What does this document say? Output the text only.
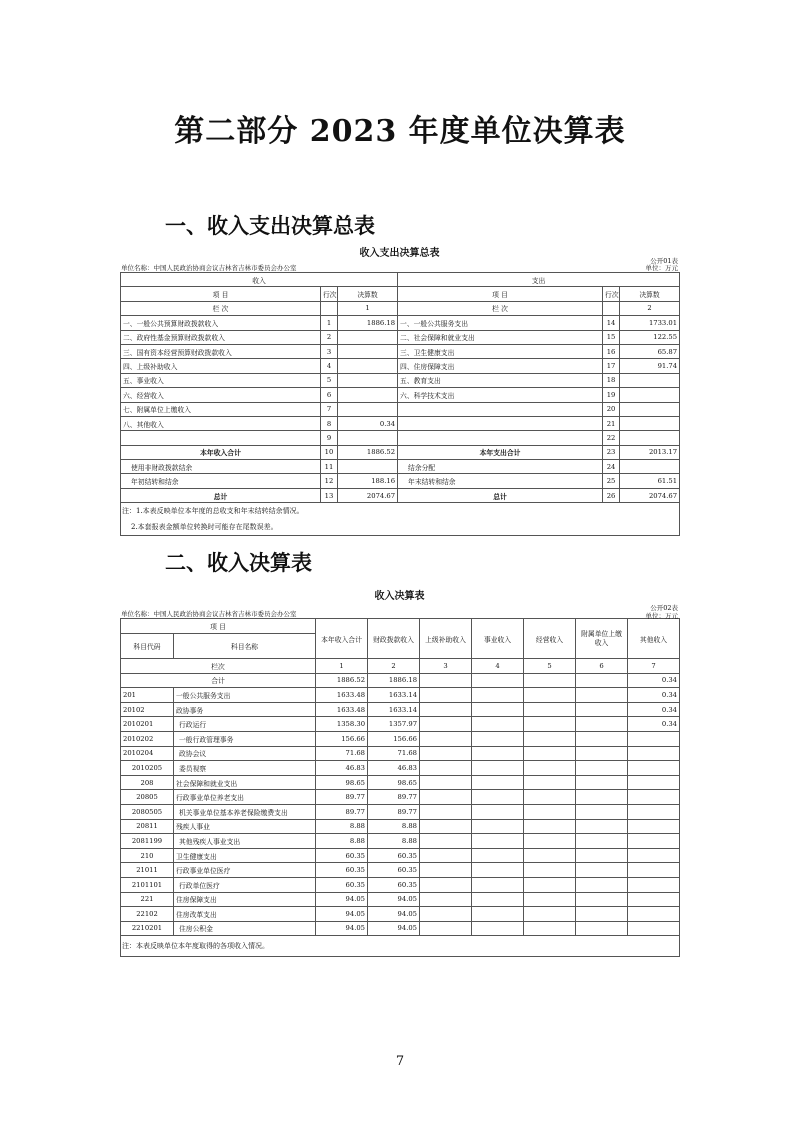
第二部分 2023 年度单位决算表
一、收入支出决算总表
收入支出决算总表
单位名称：中国人民政治协商会议吉林省吉林市委员会办公室
公开01表
单位：万元
收入			支出		
项 目	行次	决算数	项 目	行次	决算数
栏 次		1	栏 次		2
一、一般公共预算财政拨款收入	1	1886.18	一、一般公共服务支出	14	1733.01
二、政府性基金预算财政拨款收入	2		二、社会保障和就业支出	15	122.55
三、国有资本经营预算财政拨款收入	3		三、卫生健康支出	16	65.87
四、上级补助收入	4		四、住房保障支出	17	91.74
五、事业收入	5		五、教育支出	18	
六、经营收入	6		六、科学技术支出	19	
七、附属单位上缴收入	7			20	
八、其他收入	8	0.34		21	
	9			22	
本年收入合计	10	1886.52	本年支出合计	23	2013.17
使用非财政拨款结余	11		结余分配	24	
年初结转和结余	12	188.16	年末结转和结余	25	61.51
总计	13	2074.67	总计	26	2074.67

注：1.本表反映单位本年度的总收支和年末结转结余情况。
2.本套报表金额单位转换时可能存在尾数误差。					
二、收入决算表
收入决算表
公开02表
单位：万元
单位名称：中国人民政治协商会议吉林省吉林市委员会办公室
项 目		本年收入合计	财政拨款收入	上级补助收入	事业收入	经营收入	附属单位上缴收入	其他收入
科目代码	科目名称							
栏次		1	2	3	4	5	6	7
合计		1886.52	1886.18					0.34
201	一般公共服务支出	1633.48	1633.14					0.34
20102	政协事务	1633.48	1633.14					0.34
2010201	行政运行	1358.30	1357.97					0.34
2010202	一般行政管理事务	156.66	156.66					
2010204	政协会议	71.68	71.68					
2010205	委员视察	46.83	46.83					
208	社会保障和就业支出	98.65	98.65					
20805	行政事业单位养老支出	89.77	89.77					
2080505	机关事业单位基本养老保险缴费支出	89.77	89.77					
20811	残疾人事业	8.88	8.88					
2081199	其他残疾人事业支出	8.88	8.88					
210	卫生健康支出	60.35	60.35					
21011	行政事业单位医疗	60.35	60.35					
2101101	行政单位医疗	60.35	60.35					
221	住房保障支出	94.05	94.05					
22102	住房改革支出	94.05	94.05					
2210201	住房公积金	94.05	94.05					
注：本表反映单位本年度取得的各项收入情况。								
7
